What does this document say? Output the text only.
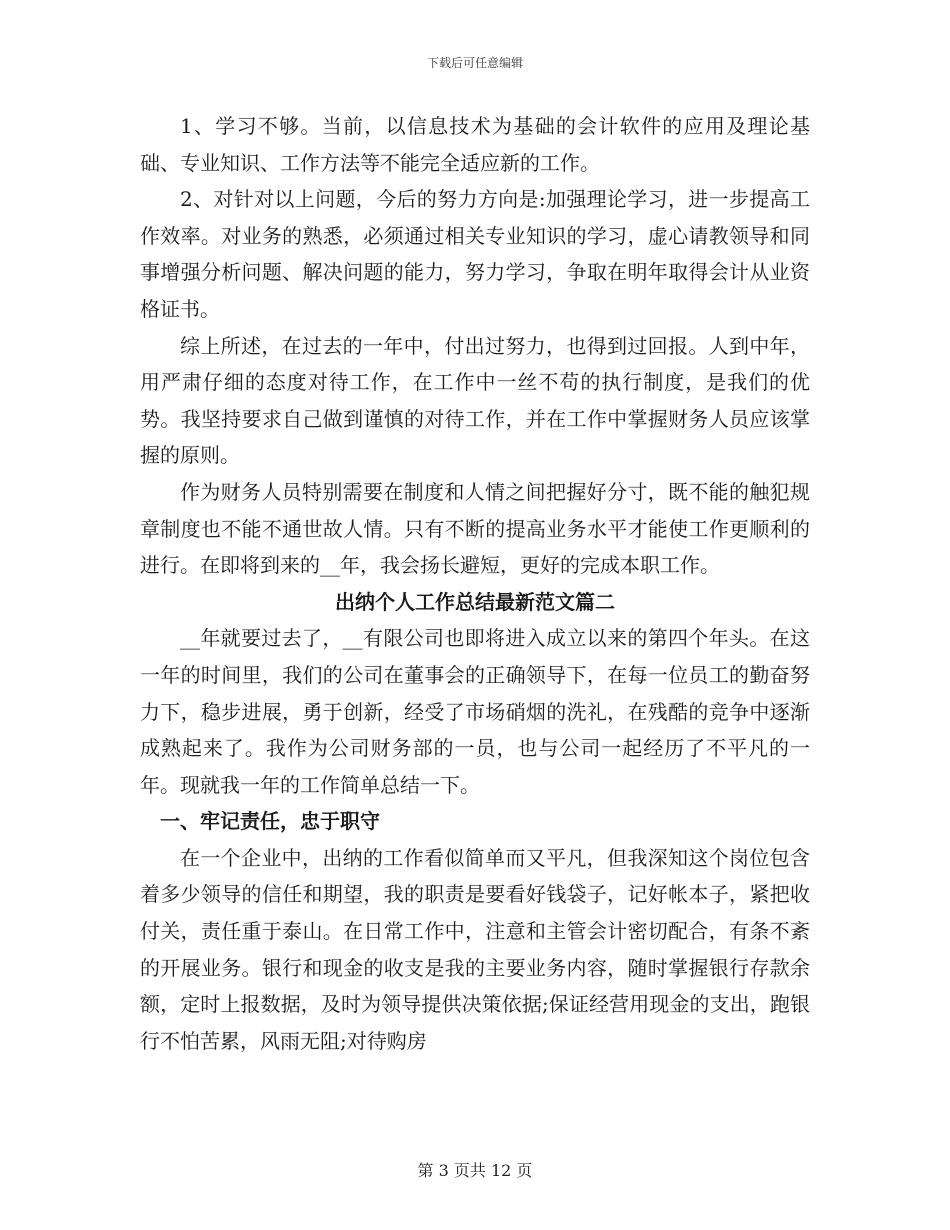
下载后可任意编辑

1、学习不够。当前，以信息技术为基础的会计软件的应用及理论基础、专业知识、工作方法等不能完全适应新的工作。

2、对针对以上问题，今后的努力方向是:加强理论学习，进一步提高工作效率。对业务的熟悉，必须通过相关专业知识的学习，虚心请教领导和同事增强分析问题、解决问题的能力，努力学习，争取在明年取得会计从业资格证书。

综上所述，在过去的一年中，付出过努力，也得到过回报。人到中年，用严肃仔细的态度对待工作，在工作中一丝不苟的执行制度，是我们的优势。我坚持要求自己做到谨慎的对待工作，并在工作中掌握财务人员应该掌握的原则。

作为财务人员特别需要在制度和人情之间把握好分寸，既不能的触犯规章制度也不能不通世故人情。只有不断的提高业务水平才能使工作更顺利的进行。在即将到来的__年，我会扬长避短，更好的完成本职工作。

出纳个人工作总结最新范文篇二

__年就要过去了，__有限公司也即将进入成立以来的第四个年头。在这一年的时间里，我们的公司在董事会的正确领导下，在每一位员工的勤奋努力下，稳步进展，勇于创新，经受了市场硝烟的洗礼，在残酷的竞争中逐渐成熟起来了。我作为公司财务部的一员，也与公司一起经历了不平凡的一年。现就我一年的工作简单总结一下。

一、牢记责任，忠于职守

在一个企业中，出纳的工作看似简单而又平凡，但我深知这个岗位包含着多少领导的信任和期望，我的职责是要看好钱袋子，记好帐本子，紧把收付关，责任重于泰山。在日常工作中，注意和主管会计密切配合，有条不紊的开展业务。银行和现金的收支是我的主要业务内容，随时掌握银行存款余额，定时上报数据，及时为领导提供决策依据;保证经营用现金的支出，跑银行不怕苦累，风雨无阻;对待购房

第 3 页共 12 页
